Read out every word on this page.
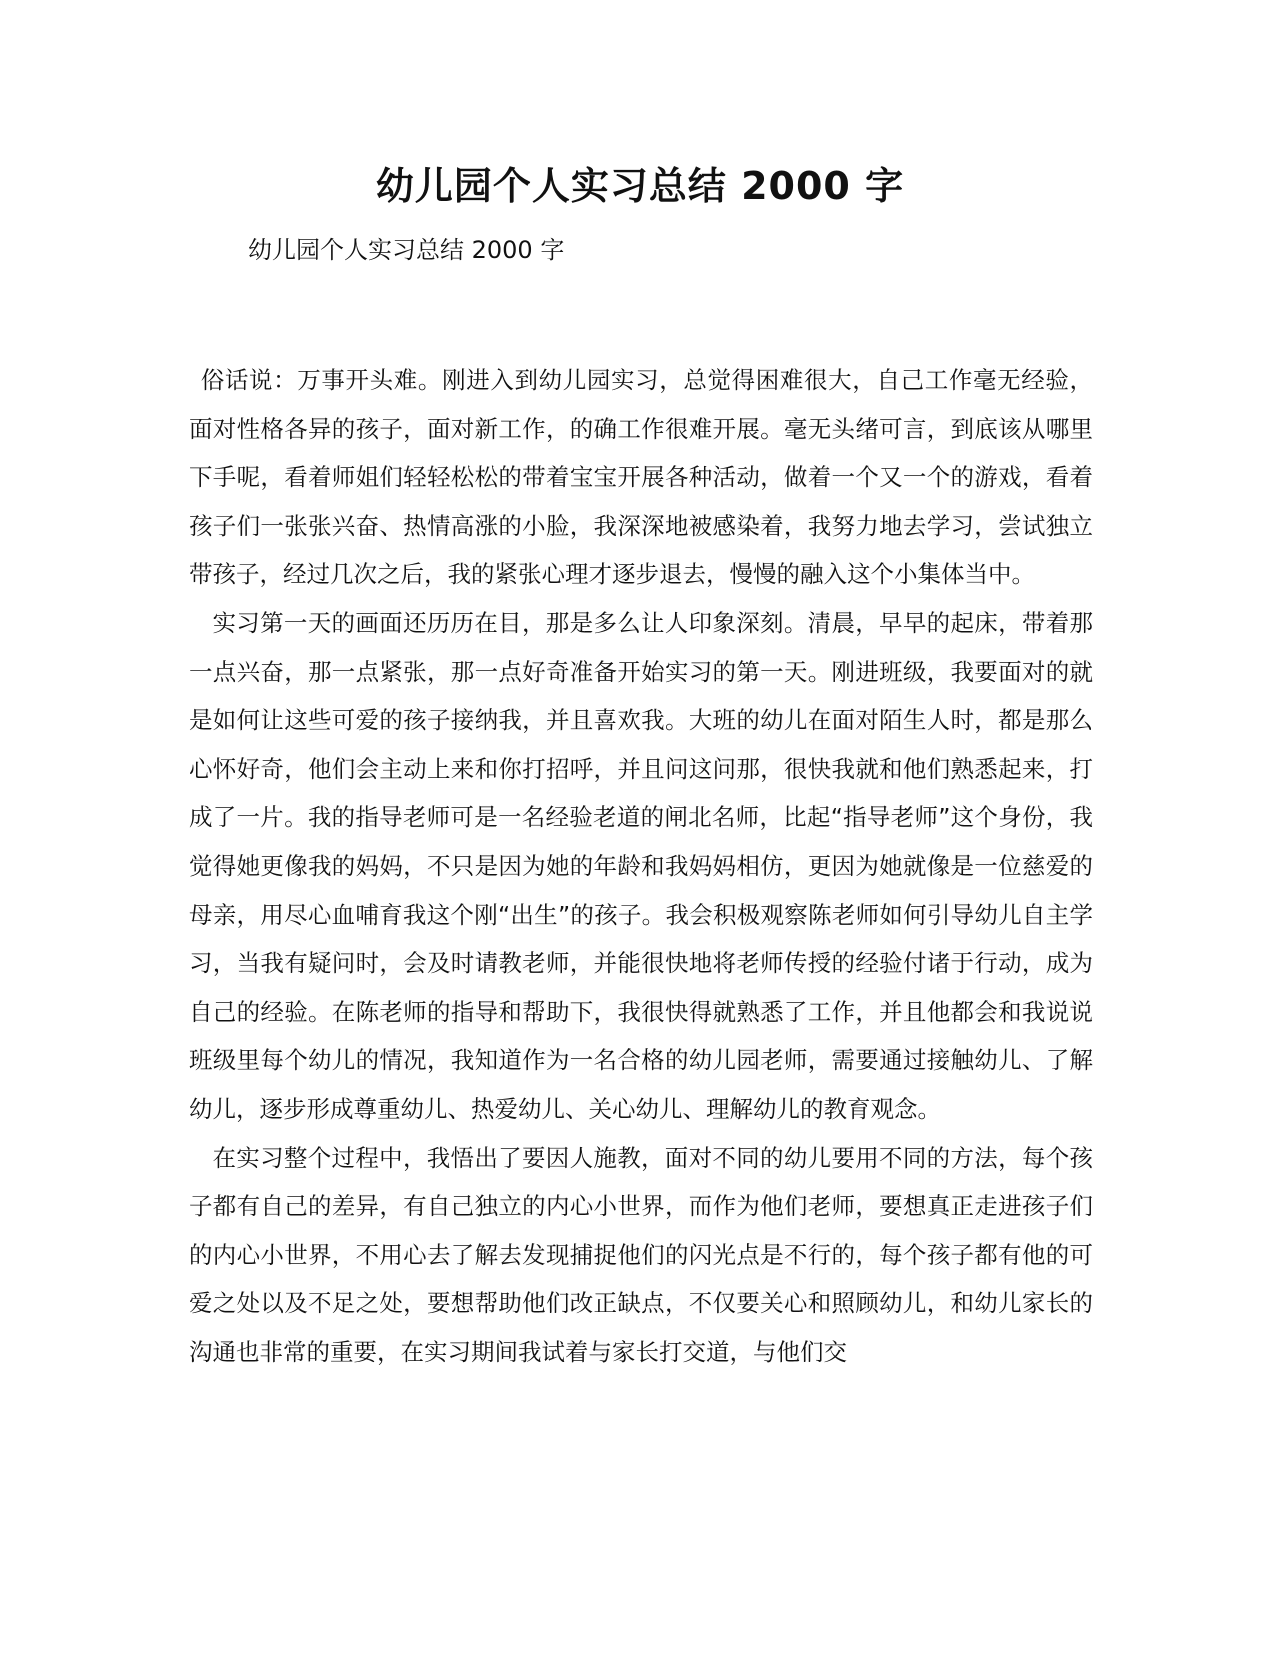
幼儿园个人实习总结 2000 字

幼儿园个人实习总结 2000 字

俗话说：万事开头难。刚进入到幼儿园实习，总觉得困难很大，自己工作毫无经验，面对性格各异的孩子，面对新工作，的确工作很难开展。毫无头绪可言，到底该从哪里下手呢，看着师姐们轻轻松松的带着宝宝开展各种活动，做着一个又一个的游戏，看着孩子们一张张兴奋、热情高涨的小脸，我深深地被感染着，我努力地去学习，尝试独立带孩子，经过几次之后，我的紧张心理才逐步退去，慢慢的融入这个小集体当中。

实习第一天的画面还历历在目，那是多么让人印象深刻。清晨，早早的起床，带着那一点兴奋，那一点紧张，那一点好奇准备开始实习的第一天。刚进班级，我要面对的就是如何让这些可爱的孩子接纳我，并且喜欢我。大班的幼儿在面对陌生人时，都是那么心怀好奇，他们会主动上来和你打招呼，并且问这问那，很快我就和他们熟悉起来，打成了一片。我的指导老师可是一名经验老道的闸北名师，比起“指导老师”这个身份，我觉得她更像我的妈妈，不只是因为她的年龄和我妈妈相仿，更因为她就像是一位慈爱的母亲，用尽心血哺育我这个刚“出生”的孩子。我会积极观察陈老师如何引导幼儿自主学习，当我有疑问时，会及时请教老师，并能很快地将老师传授的经验付诸于行动，成为自己的经验。在陈老师的指导和帮助下，我很快得就熟悉了工作，并且他都会和我说说班级里每个幼儿的情况，我知道作为一名合格的幼儿园老师，需要通过接触幼儿、了解幼儿，逐步形成尊重幼儿、热爱幼儿、关心幼儿、理解幼儿的教育观念。

在实习整个过程中，我悟出了要因人施教，面对不同的幼儿要用不同的方法，每个孩子都有自己的差异，有自己独立的内心小世界，而作为他们老师，要想真正走进孩子们的内心小世界，不用心去了解去发现捕捉他们的闪光点是不行的，每个孩子都有他的可爱之处以及不足之处，要想帮助他们改正缺点，不仅要关心和照顾幼儿，和幼儿家长的沟通也非常的重要，在实习期间我试着与家长打交道，与他们交
